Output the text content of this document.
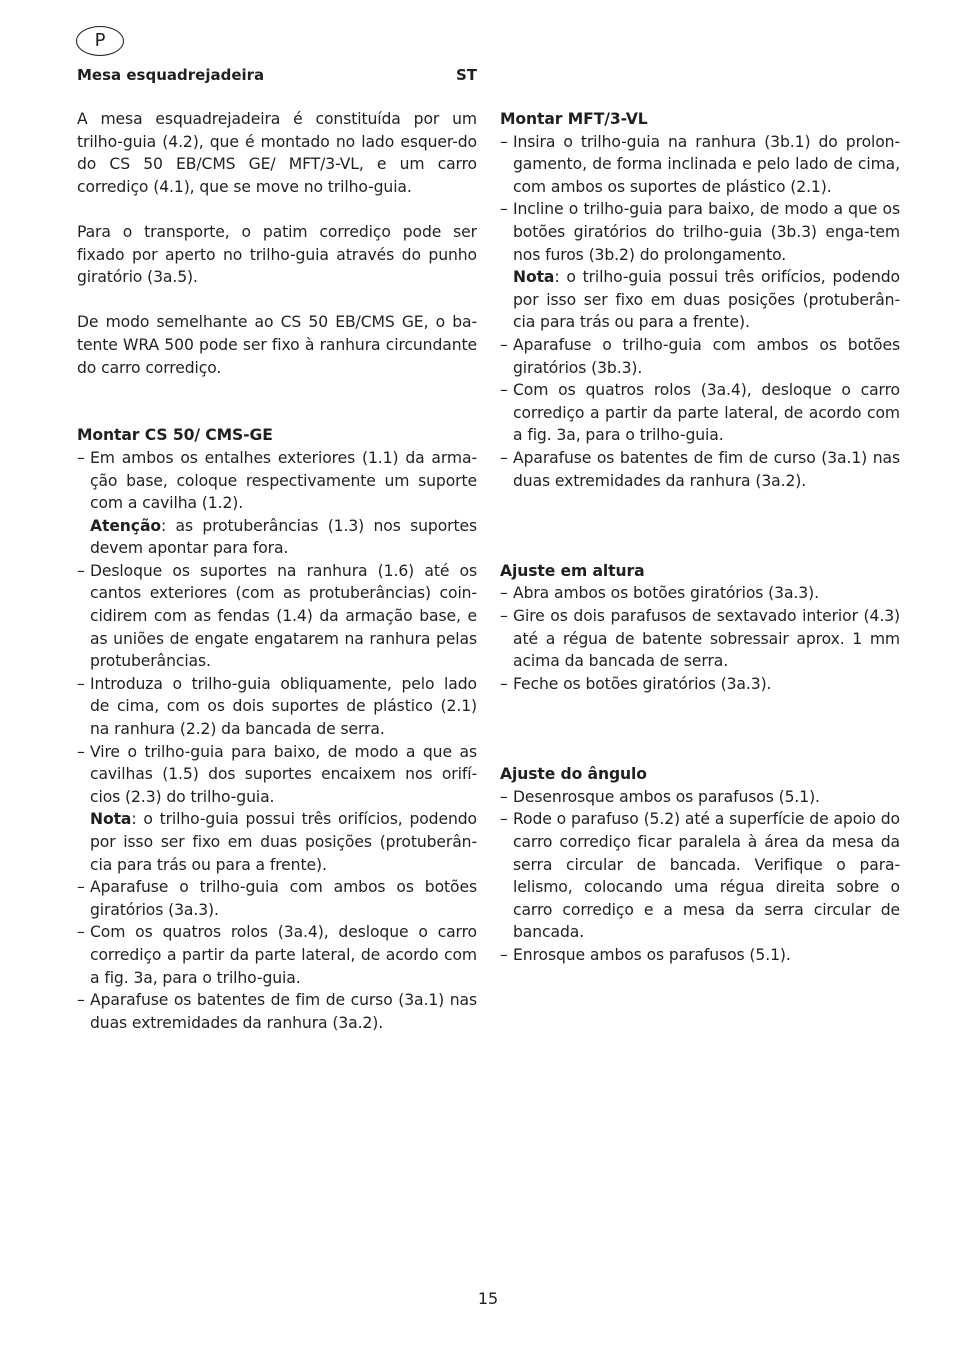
P
Mesa esquadrejadeira	ST

A mesa esquadrejadeira é constituída por um trilho-guia (4.2), que é montado no lado esquer-do do CS 50 EB/CMS GE/ MFT/3-VL, e um carro corrediço (4.1), que se move no trilho-guia.

Para o transporte, o patim corrediço pode ser fixado por aperto no trilho-guia através do punho giratório (3a.5).

De modo semelhante ao CS 50 EB/CMS GE, o ba-tente WRA 500 pode ser fixo à ranhura circundante do carro corrediço.

Montar CS 50/ CMS-GE
– Em ambos os entalhes exteriores (1.1) da arma-ção base, coloque respectivamente um suporte com a cavilha (1.2).

Atenção: as protuberâncias (1.3) nos suportes devem apontar para fora.

– Desloque os suportes na ranhura (1.6) até os cantos exteriores (com as protuberâncias) coin-cidirem com as fendas (1.4) da armação base, e as uniões de engate engatarem na ranhura pelas protuberâncias.
– Introduza o trilho-guia obliquamente, pelo lado de cima, com os dois suportes de plástico (2.1) na ranhura (2.2) da bancada de serra.
– Vire o trilho-guia para baixo, de modo a que as cavilhas (1.5) dos suportes encaixem nos orifí-cios (2.3) do trilho-guia.

Nota: o trilho-guia possui três orifícios, podendo por isso ser fixo em duas posições (protuberân-cia para trás ou para a frente).

– Aparafuse o trilho-guia com ambos os botões giratórios (3a.3).
– Com os quatros rolos (3a.4), desloque o carro corrediço a partir da parte lateral, de acordo com a fig. 3a, para o trilho-guia.
– Aparafuse os batentes de fim de curso (3a.1) nas duas extremidades da ranhura (3a.2).
Montar MFT/3-VL
– Insira o trilho-guia na ranhura (3b.1) do prolon-gamento, de forma inclinada e pelo lado de cima, com ambos os suportes de plástico (2.1).
– Incline o trilho-guia para baixo, de modo a que os botões giratórios do trilho-guia (3b.3) enga-tem nos furos (3b.2) do prolongamento.

Nota: o trilho-guia possui três orifícios, podendo por isso ser fixo em duas posições (protuberân-cia para trás ou para a frente).

– Aparafuse o trilho-guia com ambos os botões giratórios (3b.3).
– Com os quatros rolos (3a.4), desloque o carro corrediço a partir da parte lateral, de acordo com a fig. 3a, para o trilho-guia.
– Aparafuse os batentes de fim de curso (3a.1) nas duas extremidades da ranhura (3a.2).
Ajuste em altura
– Abra ambos os botões giratórios (3a.3).
– Gire os dois parafusos de sextavado interior (4.3) até a régua de batente sobressair aprox. 1 mm acima da bancada de serra.
– Feche os botões giratórios (3a.3).
Ajuste do ângulo
– Desenrosque ambos os parafusos (5.1).
– Rode o parafuso (5.2) até a superfície de apoio do carro corrediço ficar paralela à área da mesa da serra circular de bancada. Verifique o para-lelismo, colocando uma régua direita sobre o carro corrediço e a mesa da serra circular de bancada.
– Enrosque ambos os parafusos (5.1).
15
